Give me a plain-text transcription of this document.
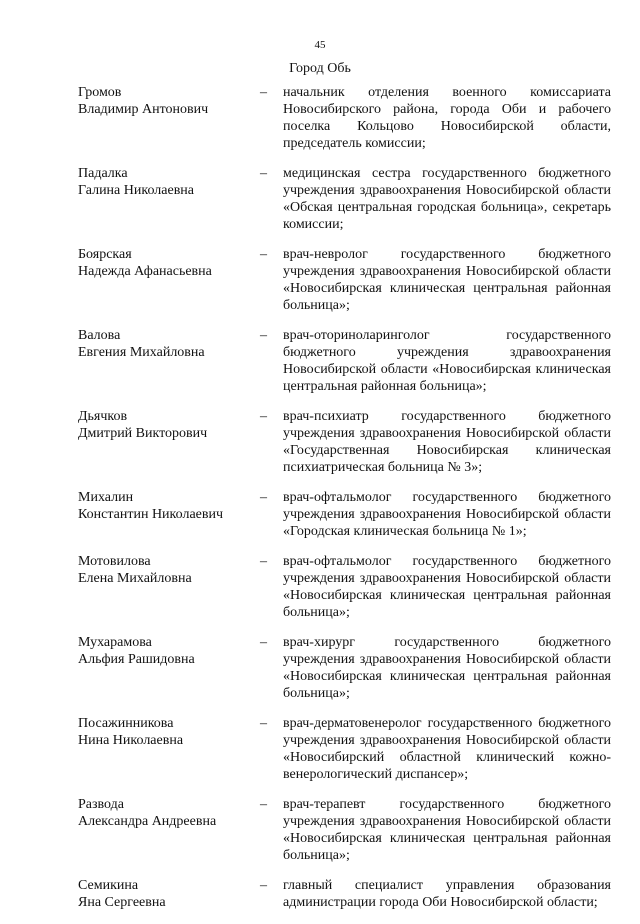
45
Город Обь
Громов
Владимир Антонович
–	начальник отделения военного комиссариата Новосибирского района, города Оби и рабочего поселка Кольцово Новосибирской области, председатель комиссии;
Падалка
Галина Николаевна
–	медицинская сестра государственного бюджетного учреждения здравоохранения Новосибирской области «Обская центральная городская больница», секретарь комиссии;
Боярская
Надежда Афанасьевна
–	врач-невролог государственного бюджетного учреждения здравоохранения Новосибирской области «Новосибирская клиническая центральная районная больница»;
Валова
Евгения Михайловна
–	врач-оториноларинголог государственного бюджетного учреждения здравоохранения Новосибирской области «Новосибирская клиническая центральная районная больница»;
Дьячков
Дмитрий Викторович
–	врач-психиатр государственного бюджетного учреждения здравоохранения Новосибирской области «Государственная Новосибирская клиническая психиатрическая больница № 3»;
Михалин
Константин Николаевич
–	врач-офтальмолог государственного бюджетного учреждения здравоохранения Новосибирской области «Городская клиническая больница № 1»;
Мотовилова
Елена Михайловна
–	врач-офтальмолог государственного бюджетного учреждения здравоохранения Новосибирской области «Новосибирская клиническая центральная районная больница»;
Мухарамова
Альфия Рашидовна
–	врач-хирург государственного бюджетного учреждения здравоохранения Новосибирской области «Новосибирская клиническая центральная районная больница»;
Посажинникова
Нина Николаевна
–	врач-дерматовенеролог государственного бюджетного учреждения здравоохранения Новосибирской области «Новосибирский областной клинический кожно-венерологический диспансер»;
Развода
Александра Андреевна
–	врач-терапевт государственного бюджетного учреждения здравоохранения Новосибирской области «Новосибирская клиническая центральная районная больница»;
Семикина
Яна Сергеевна
–	главный специалист управления образования администрации города Оби Новосибирской области;
